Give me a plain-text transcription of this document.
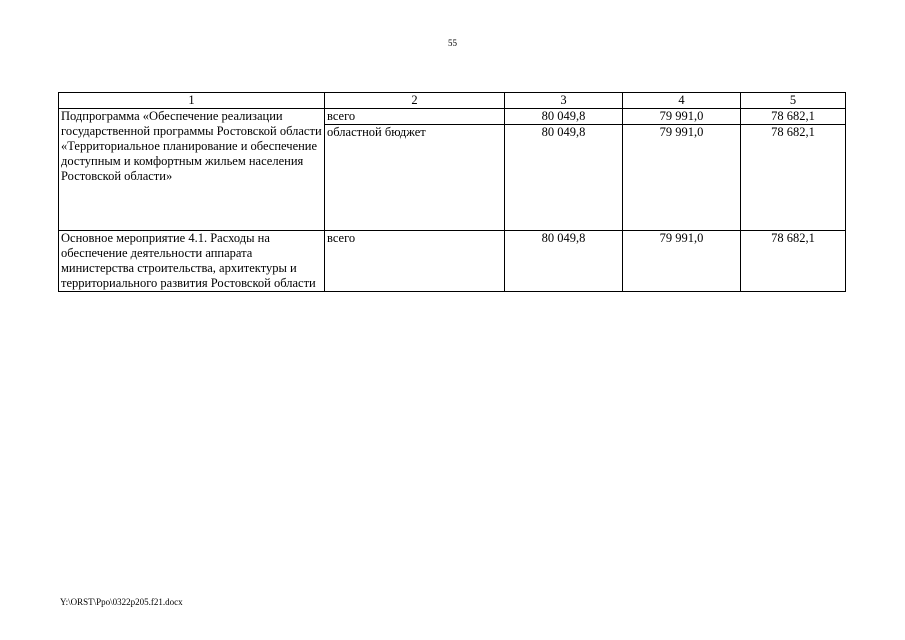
55
1	2	3	4	5
Подпрограмма «Обеспечение реализации государственной программы Ростовской области «Территориальное планирование и обеспечение доступным и комфортным жильем населения Ростовской области»	всего	80 049,8	79 991,0	78 682,1
	областной бюджет	80 049,8	79 991,0	78 682,1
Основное мероприятие 4.1. Расходы на обеспечение деятельности аппарата министерства строительства, архитектуры и территориального развития Ростовской области	всего	80 049,8	79 991,0	78 682,1
Y:\ORST\Ppo\0322p205.f21.docx
